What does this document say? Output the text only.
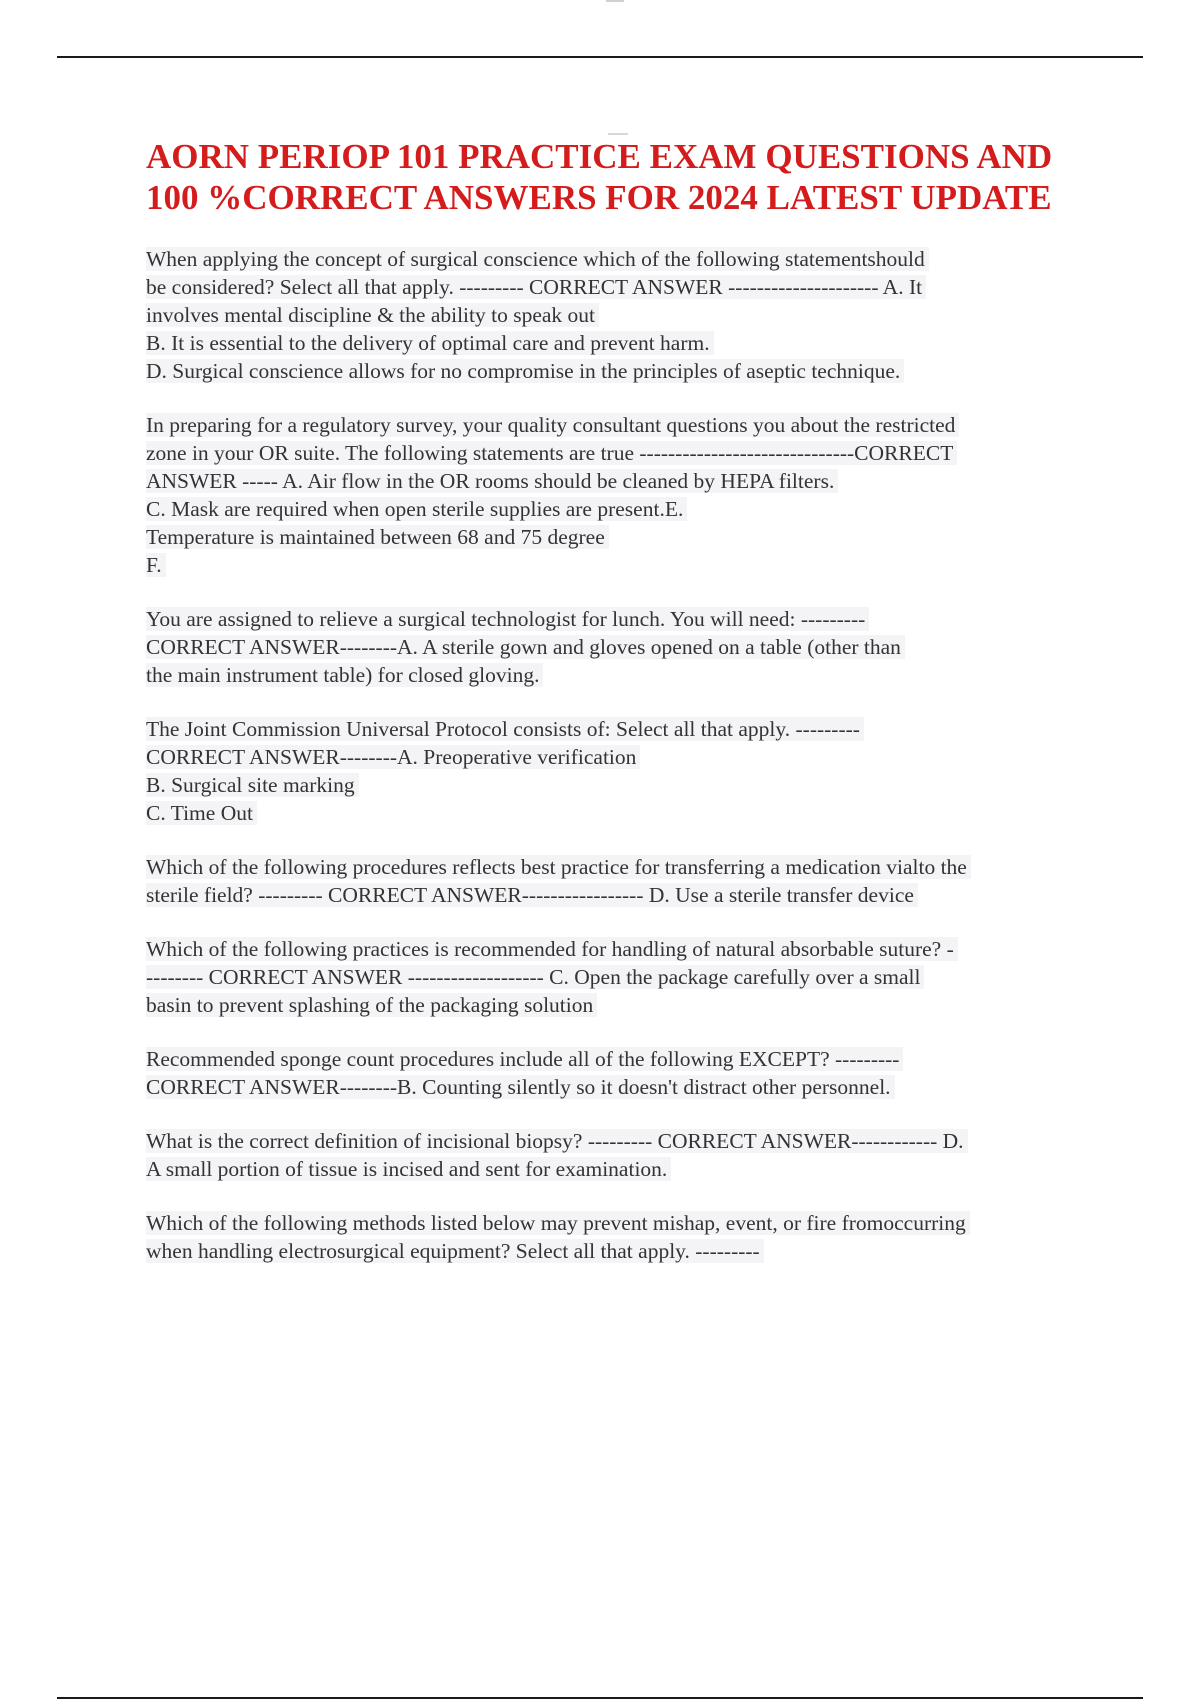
AORN PERIOP 101 PRACTICE EXAM QUESTIONS AND
100 %CORRECT ANSWERS FOR 2024 LATEST UPDATE
When applying the concept of surgical conscience which of the following statementshould
be considered? Select all that apply. --------- CORRECT ANSWER --------------------- A. It
involves mental discipline & the ability to speak out
B. It is essential to the delivery of optimal care and prevent harm.
D. Surgical conscience allows for no compromise in the principles of aseptic technique.
In preparing for a regulatory survey, your quality consultant questions you about the restricted
zone in your OR suite. The following statements are true ------------------------------CORRECT
ANSWER ----- A. Air flow in the OR rooms should be cleaned by HEPA filters.
C. Mask are required when open sterile supplies are present.E.
Temperature is maintained between 68 and 75 degree
F.
You are assigned to relieve a surgical technologist for lunch. You will need: ---------
CORRECT ANSWER--------A. A sterile gown and gloves opened on a table (other than
the main instrument table) for closed gloving.
The Joint Commission Universal Protocol consists of: Select all that apply. ---------
CORRECT ANSWER--------A. Preoperative verification
B. Surgical site marking
C. Time Out
Which of the following procedures reflects best practice for transferring a medication vialto the
sterile field? --------- CORRECT ANSWER----------------- D. Use a sterile transfer device
Which of the following practices is recommended for handling of natural absorbable suture? -
-------- CORRECT ANSWER ------------------- C. Open the package carefully over a small
basin to prevent splashing of the packaging solution
Recommended sponge count procedures include all of the following EXCEPT? ---------
CORRECT ANSWER--------B. Counting silently so it doesn't distract other personnel.
What is the correct definition of incisional biopsy? --------- CORRECT ANSWER------------ D.
A small portion of tissue is incised and sent for examination.
Which of the following methods listed below may prevent mishap, event, or fire fromoccurring
when handling electrosurgical equipment? Select all that apply. ---------
